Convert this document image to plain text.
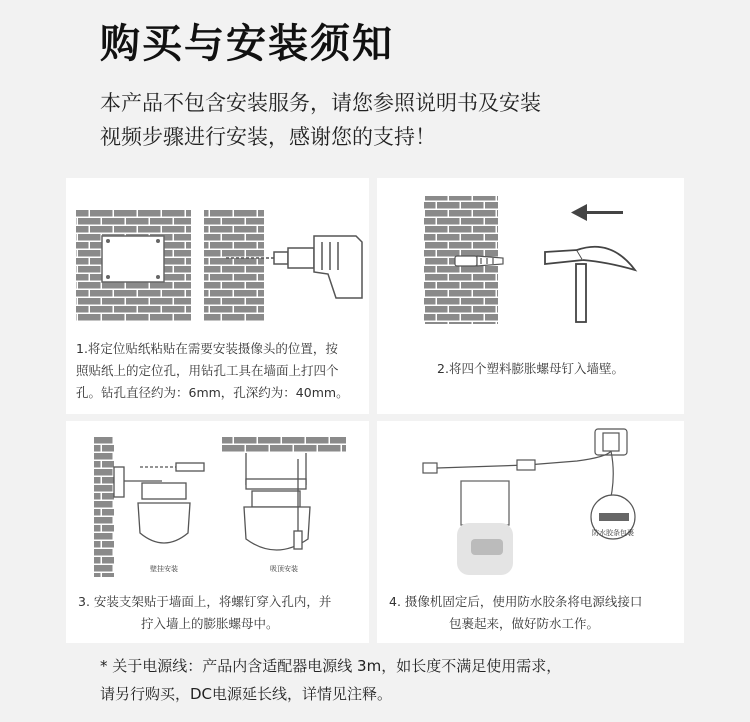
购买与安装须知

本产品不包含安装服务，请您参照说明书及安装

视频步骤进行安装，感谢您的支持！

1.将定位贴纸粘贴在需要安装摄像头的位置，按

照贴纸上的定位孔，用钻孔工具在墙面上打四个

孔。钻孔直径约为：6mm，孔深约为：40mm。

2.将四个塑料膨胀螺母钉入墙壁。

壁挂安装	吸顶安装

3. 安装支架贴于墙面上，将螺钉穿入孔内，并

拧入墙上的膨胀螺母中。

防水胶条包裹

4. 摄像机固定后，使用防水胶条将电源线接口

包裹起来，做好防水工作。

* 关于电源线：产品内含适配器电源线 3m，如长度不满足使用需求，

请另行购买，DC电源延长线，详情见注释。
